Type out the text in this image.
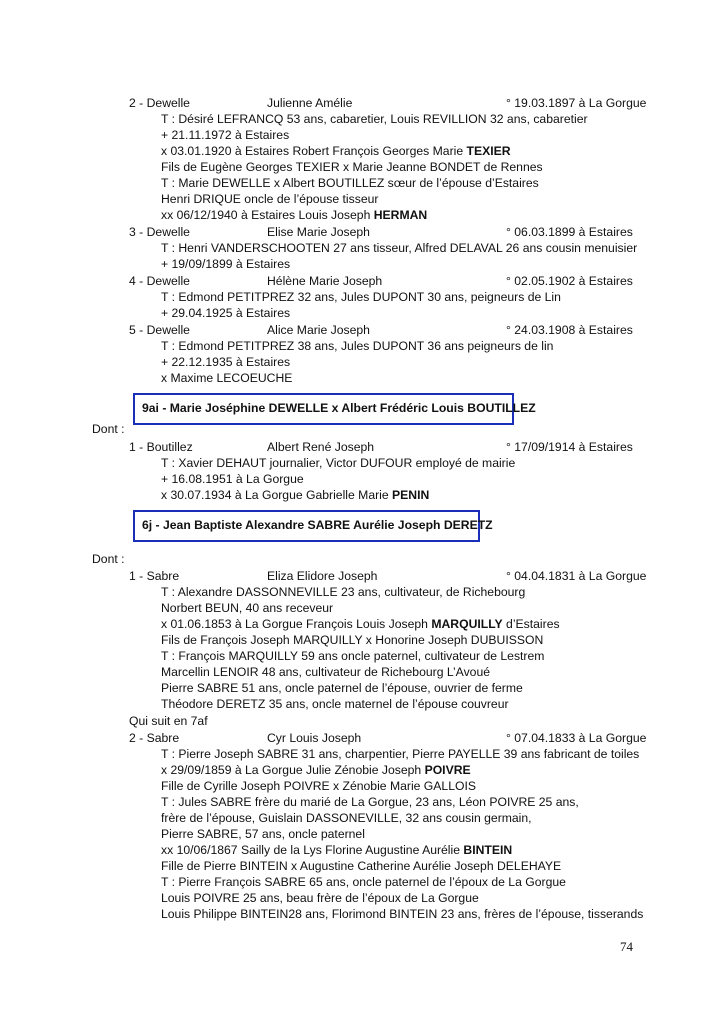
2 - Dewelle	Julienne Amélie	° 19.03.1897 à La Gorgue
T : Désiré LEFRANCQ 53 ans, cabaretier, Louis REVILLION 32 ans, cabaretier
+ 21.11.1972 à Estaires
x 03.01.1920 à Estaires Robert François Georges Marie TEXIER
Fils de Eugène Georges TEXIER x Marie Jeanne BONDET de Rennes
T : Marie DEWELLE x Albert BOUTILLEZ sœur de l’épouse d’Estaires
Henri DRIQUE oncle de l’épouse tisseur
xx 06/12/1940 à Estaires Louis Joseph HERMAN
3 - Dewelle	Elise Marie Joseph	° 06.03.1899 à Estaires
T : Henri VANDERSCHOOTEN 27 ans tisseur, Alfred DELAVAL 26 ans cousin menuisier
+ 19/09/1899 à Estaires
4 - Dewelle	Hélène Marie Joseph	° 02.05.1902 à Estaires
T : Edmond PETITPREZ 32 ans, Jules DUPONT 30 ans, peigneurs de Lin
+ 29.04.1925 à Estaires
5 - Dewelle	Alice Marie Joseph	° 24.03.1908 à Estaires
T : Edmond PETITPREZ 38 ans, Jules DUPONT 36 ans peigneurs de lin
+ 22.12.1935 à Estaires
x Maxime LECOEUCHE
9ai - Marie Joséphine DEWELLE x Albert Frédéric Louis BOUTILLEZ
Dont :
1 - Boutillez	Albert René Joseph	° 17/09/1914 à Estaires
T : Xavier DEHAUT journalier, Victor DUFOUR employé de mairie
+ 16.08.1951 à La Gorgue
x 30.07.1934 à La Gorgue Gabrielle Marie PENIN
6j - Jean Baptiste Alexandre SABRE Aurélie Joseph DERETZ
Dont :
1 - Sabre	Eliza Elidore Joseph	° 04.04.1831 à La Gorgue
T : Alexandre DASSONNEVILLE 23 ans, cultivateur, de Richebourg
Norbert BEUN, 40 ans receveur
x 01.06.1853 à La Gorgue François Louis Joseph MARQUILLY d’Estaires
Fils de François Joseph MARQUILLY x Honorine Joseph DUBUISSON
T : François MARQUILLY 59 ans oncle paternel, cultivateur de Lestrem
Marcellin LENOIR 48 ans, cultivateur de Richebourg L’Avoué
Pierre SABRE 51 ans, oncle paternel de l’épouse, ouvrier de ferme
Théodore DERETZ 35 ans, oncle maternel de l’épouse couvreur
Qui suit en 7af
2 - Sabre	Cyr Louis Joseph	° 07.04.1833 à La Gorgue
T : Pierre Joseph SABRE 31 ans, charpentier, Pierre PAYELLE 39 ans fabricant de toiles
x 29/09/1859 à La Gorgue Julie Zénobie Joseph POIVRE
Fille de Cyrille Joseph POIVRE x Zénobie Marie GALLOIS
T : Jules SABRE frère du marié de La Gorgue, 23 ans, Léon POIVRE 25 ans,
frère de l’épouse, Guislain DASSONEVILLE, 32 ans cousin germain,
Pierre SABRE, 57 ans, oncle paternel
xx 10/06/1867 Sailly de la Lys Florine Augustine Aurélie BINTEIN
Fille de Pierre BINTEIN x Augustine Catherine Aurélie Joseph DELEHAYE
T : Pierre François SABRE 65 ans, oncle paternel de l’époux de La Gorgue
Louis POIVRE 25 ans, beau frère de l’époux de La Gorgue
Louis Philippe BINTEIN28 ans, Florimond BINTEIN 23 ans, frères de l’épouse, tisserands
74
